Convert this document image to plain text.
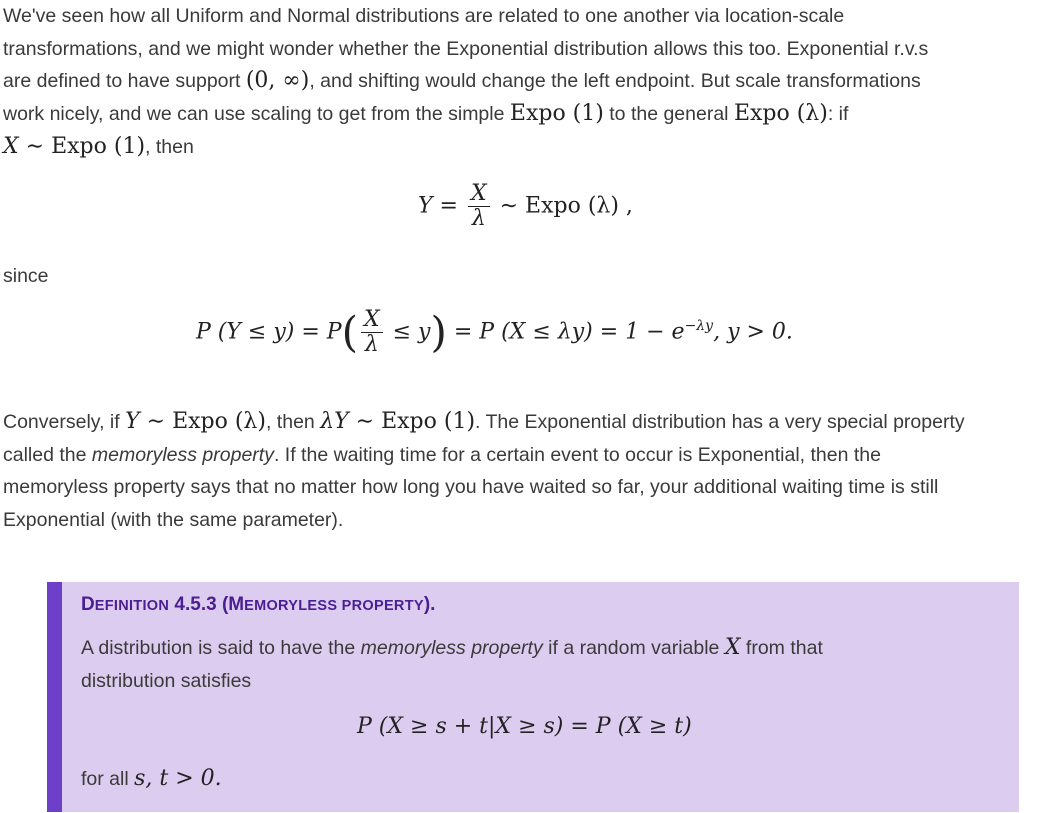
We've seen how all Uniform and Normal distributions are related to one another via location-scale
transformations, and we might wonder whether the Exponential distribution allows this too. Exponential r.v.s
are defined to have support (0, ∞), and shifting would change the left endpoint. But scale transformations
work nicely, and we can use scaling to get from the simple Expo (1) to the general Expo (λ): if
X ∼ Expo (1), then
$Y = \frac{X}{\lambda}$ ∼ Expo (λ) ,
since
P $(Y \le y) = P( \frac{X}{\lambda} \le y) = P$ $(X \le \lambda y) = 1 - e^{-\lambda y}$, y > 0.
Conversely, if Y ∼ Expo (λ), then λY ∼ Expo (1). The Exponential distribution has a very special property
called the memoryless property. If the waiting time for a certain event to occur is Exponential, then the
memoryless property says that no matter how long you have waited so far, your additional waiting time is still
Exponential (with the same parameter).
DEFINITION 4.5.3 (MEMORYLESS PROPERTY).
A distribution is said to have the memoryless property if a random variable X from that
distribution satisfies
P (X ≥ s + t|X ≥ s) = P (X ≥ t)
for all s, t > 0.
